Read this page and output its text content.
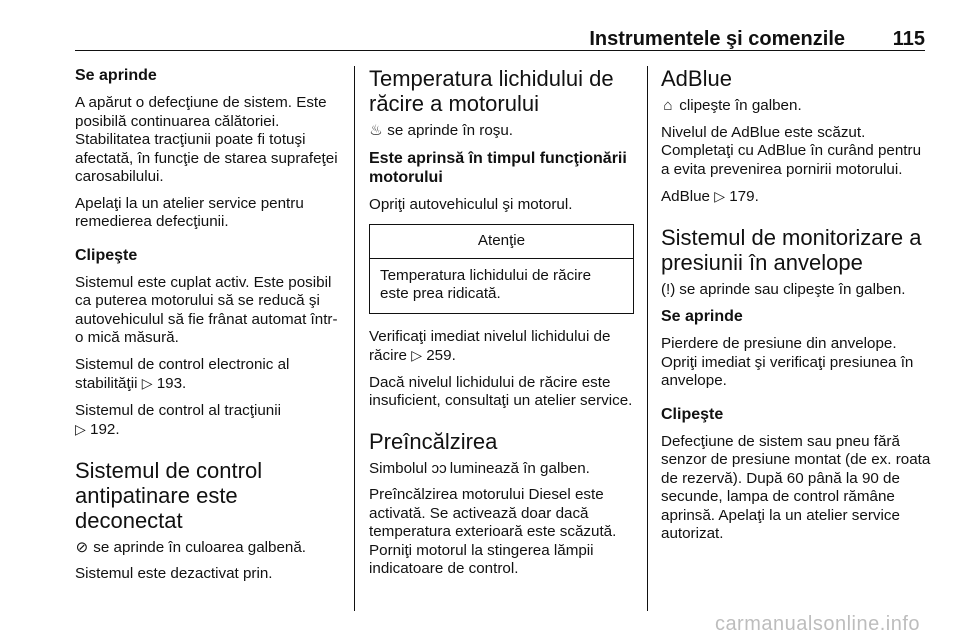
Instrumentele şi comenzile 115
Se aprinde
A apărut o defecţiune de sistem. Este posibilă continuarea călătoriei. Stabilitatea tracţiunii poate fi totuşi afectată, în funcţie de starea suprafeţei carosabilului.
Apelaţi la un atelier service pentru remedierea defecţiunii.
Clipeşte
Sistemul este cuplat activ. Este posibil ca puterea motorului să se reducă şi autovehiculul să fie frânat automat într-o mică măsură.
Sistemul de control electronic al stabilităţii ▷ 193.
Sistemul de control al tracţiunii
▷ 192.
Sistemul de control antipatinare este deconectat
⊘ se aprinde în culoarea galbenă.
Sistemul este dezactivat prin.
Temperatura lichidului de răcire a motorului
♨ se aprinde în roşu.
Este aprinsă în timpul funcţionării motorului
Opriţi autovehiculul şi motorul.
Atenţie
Temperatura lichidului de răcire este prea ridicată.
Verificaţi imediat nivelul lichidului de răcire ▷ 259.
Dacă nivelul lichidului de răcire este insuficient, consultaţi un atelier service.
Preîncălzirea
Simbolul ↄↄ luminează în galben.
Preîncălzirea motorului Diesel este activată. Se activează doar dacă temperatura exterioară este scăzută. Porniţi motorul la stingerea lămpii indicatoare de control.
AdBlue
⌂ clipeşte în galben.
Nivelul de AdBlue este scăzut. Completaţi cu AdBlue în curând pentru a evita prevenirea pornirii motorului.
AdBlue ▷ 179.
Sistemul de monitorizare a presiunii în anvelope
(!) se aprinde sau clipeşte în galben.
Se aprinde
Pierdere de presiune din anvelope. Opriţi imediat şi verificaţi presiunea în anvelope.
Clipeşte
Defecţiune de sistem sau pneu fără senzor de presiune montat (de ex. roata de rezervă). După 60 până la 90 de secunde, lampa de control rămâne aprinsă. Apelaţi la un atelier service autorizat.
carmanualsonline.info
